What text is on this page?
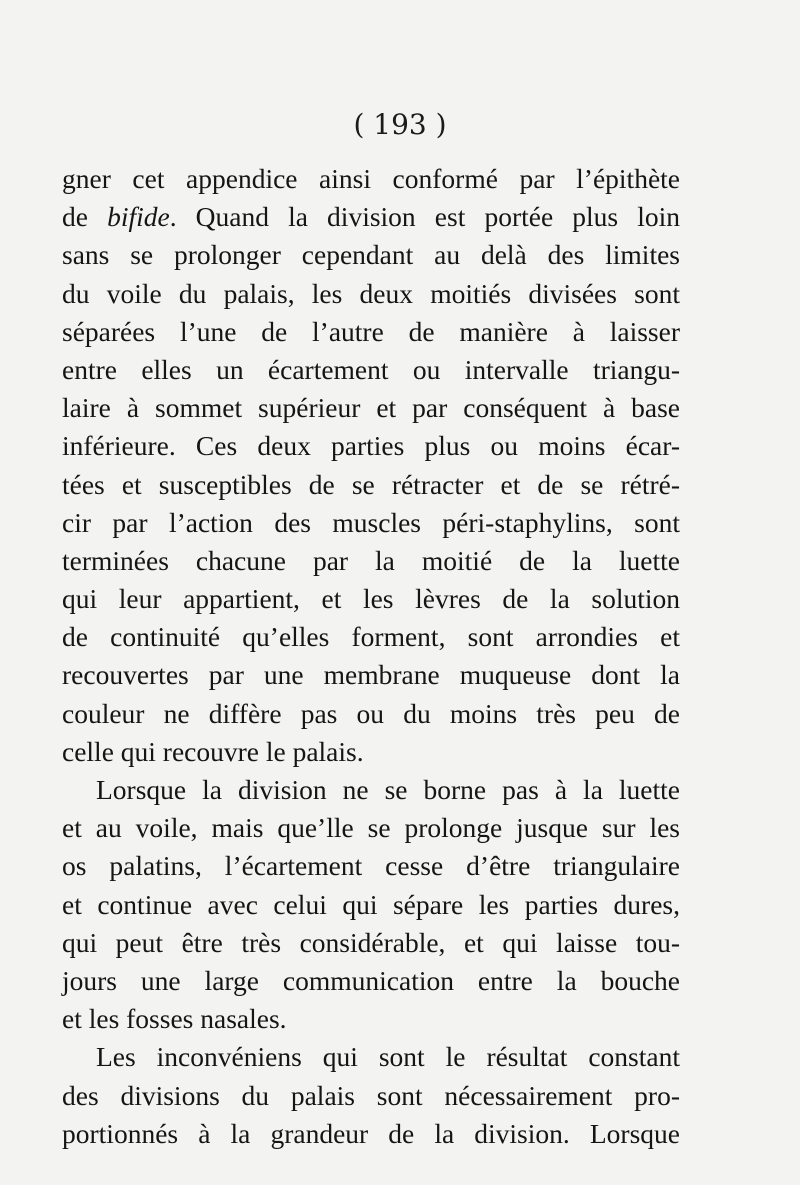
( 193 )
gner cet appendice ainsi conformé par l’épithète
de bifide. Quand la division est portée plus loin
sans se prolonger cependant au delà des limites
du voile du palais, les deux moitiés divisées sont
séparées l’une de l’autre de manière à laisser
entre elles un écartement ou intervalle triangu-
laire à sommet supérieur et par conséquent à base
inférieure. Ces deux parties plus ou moins écar-
tées et susceptibles de se rétracter et de se rétré-
cir par l’action des muscles péri-staphylins, sont
terminées chacune par la moitié de la luette
qui leur appartient, et les lèvres de la solution
de continuité qu’elles forment, sont arrondies et
recouvertes par une membrane muqueuse dont la
couleur ne diffère pas ou du moins très peu de
celle qui recouvre le palais.
Lorsque la division ne se borne pas à la luette
et au voile, mais que’lle se prolonge jusque sur les
os palatins, l’écartement cesse d’être triangulaire
et continue avec celui qui sépare les parties dures,
qui peut être très considérable, et qui laisse tou-
jours une large communication entre la bouche
et les fosses nasales.
Les inconvéniens qui sont le résultat constant
des divisions du palais sont nécessairement pro-
portionnés à la grandeur de la division. Lorsque
